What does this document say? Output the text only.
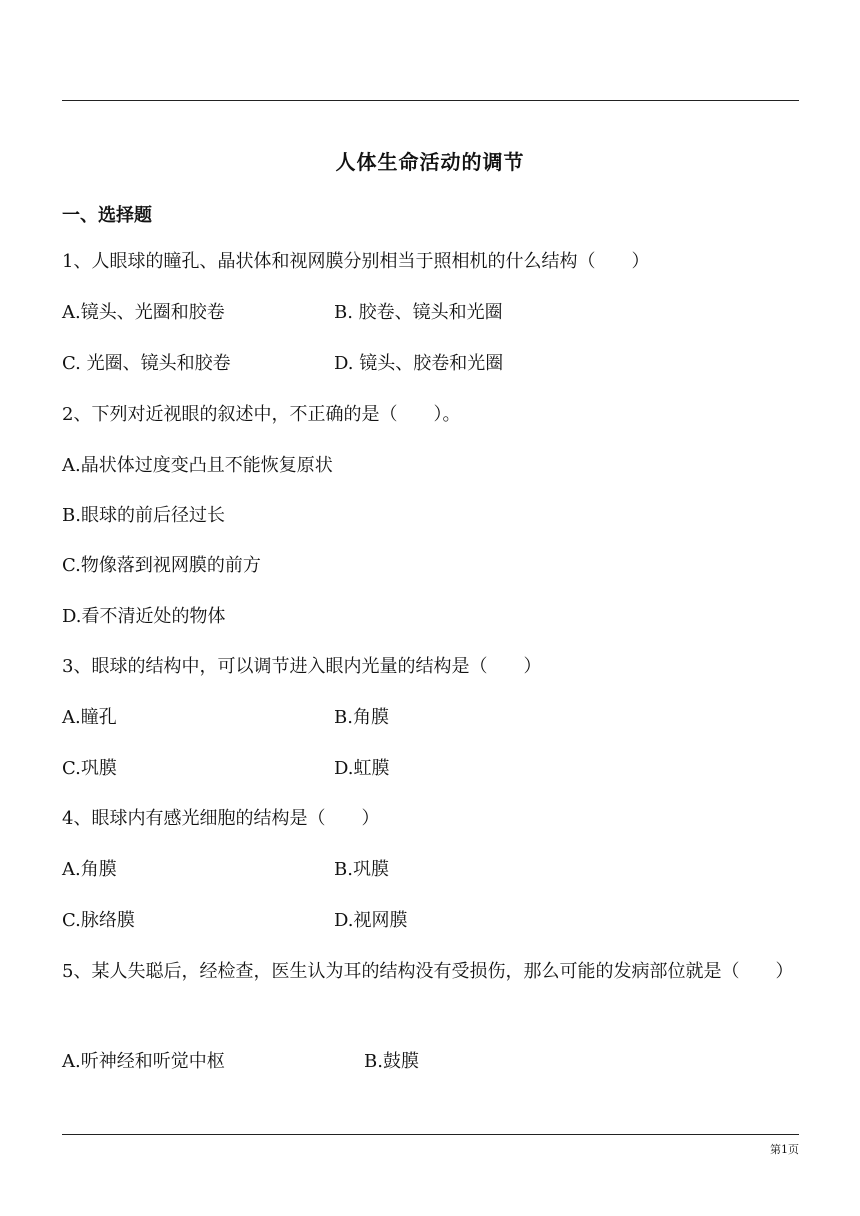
人体生命活动的调节
一、选择题
1、人眼球的瞳孔、晶状体和视网膜分别相当于照相机的什么结构（　　）
A.镜头、光圈和胶卷	B. 胶卷、镜头和光圈
C. 光圈、镜头和胶卷	D. 镜头、胶卷和光圈
2、下列对近视眼的叙述中，不正确的是（　　）。
A.晶状体过度变凸且不能恢复原状
B.眼球的前后径过长
C.物像落到视网膜的前方
D.看不清近处的物体
3、眼球的结构中，可以调节进入眼内光量的结构是（　　）
A.瞳孔	B.角膜
C.巩膜	D.虹膜
4、眼球内有感光细胞的结构是（　　）
A.角膜	B.巩膜
C.脉络膜	D.视网膜
5、某人失聪后，经检查，医生认为耳的结构没有受损伤，那么可能的发病部位就是（　　）
A.听神经和听觉中枢	B.鼓膜
第1页
